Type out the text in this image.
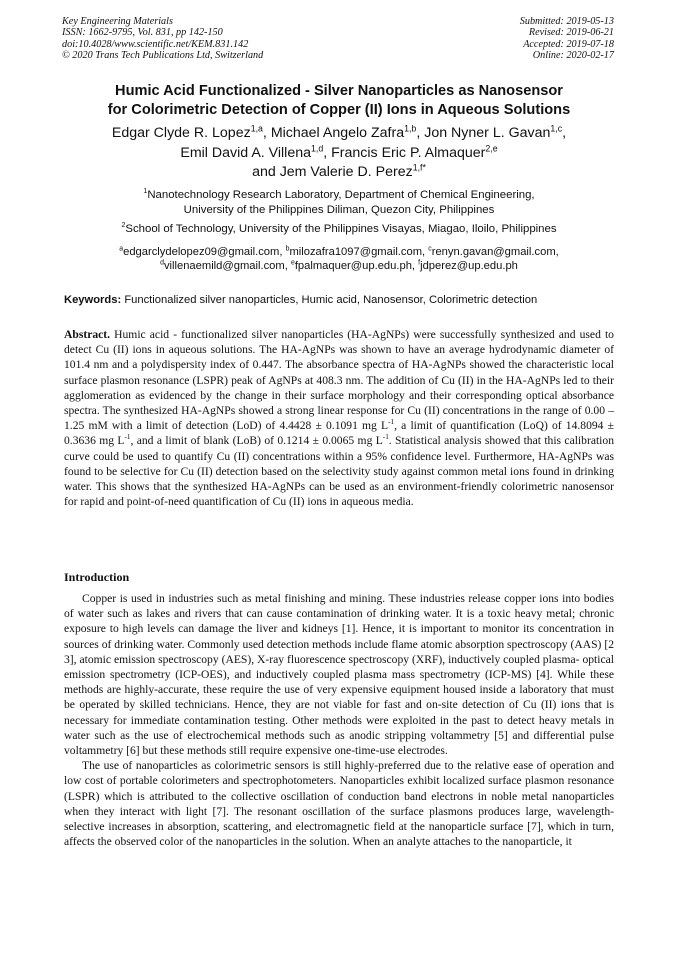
Key Engineering Materials
ISSN: 1662-9795, Vol. 831, pp 142-150
doi:10.4028/www.scientific.net/KEM.831.142
© 2020 Trans Tech Publications Ltd, Switzerland
Submitted: 2019-05-13
Revised: 2019-06-21
Accepted: 2019-07-18
Online: 2020-02-17
Humic Acid Functionalized - Silver Nanoparticles as Nanosensor
for Colorimetric Detection of Copper (II) Ions in Aqueous Solutions
Edgar Clyde R. Lopez$^{1,a}$, Michael Angelo Zafra$^{1,b}$, Jon Nyner L. Gavan$^{1,c}$,
Emil David A. Villena$^{1,d}$, Francis Eric P. Almaquer$^{2,e}$
and Jem Valerie D. Perez$^{1,f*}$
$^1$Nanotechnology Research Laboratory, Department of Chemical Engineering,
University of the Philippines Diliman, Quezon City, Philippines
$^2$School of Technology, University of the Philippines Visayas, Miagao, Iloilo, Philippines
$^a$edgarclydelopez09@gmail.com, $^b$milozafra1097@gmail.com, $^c$renyn.gavan@gmail.com,
$^d$villenaemild@gmail.com, $^e$fpalmaquer@up.edu.ph, $^f$jdperez@up.edu.ph
Keywords: Functionalized silver nanoparticles, Humic acid, Nanosensor, Colorimetric detection
Abstract. Humic acid - functionalized silver nanoparticles (HA-AgNPs) were successfully synthesized and used to detect Cu (II) ions in aqueous solutions. The HA-AgNPs was shown to have an average hydrodynamic diameter of 101.4 nm and a polydispersity index of 0.447. The absorbance spectra of HA-AgNPs showed the characteristic local surface plasmon resonance (LSPR) peak of AgNPs at 408.3 nm. The addition of Cu (II) in the HA-AgNPs led to their agglomeration as evidenced by the change in their surface morphology and their corresponding optical absorbance spectra. The synthesized HA-AgNPs showed a strong linear response for Cu (II) concentrations in the range of 0.00 – 1.25 mM with a limit of detection (LoD) of 4.4428 ± 0.1091 mg $L^{-1}$, a limit of quantification (LoQ) of 14.8094 ± 0.3636 mg $L^{-1}$, and a limit of blank (LoB) of 0.1214 ± 0.0065 mg $L^{-1}$. Statistical analysis showed that this calibration curve could be used to quantify Cu (II) concentrations within a 95% confidence level. Furthermore, HA-AgNPs was found to be selective for Cu (II) detection based on the selectivity study against common metal ions found in drinking water. This shows that the synthesized HA-AgNPs can be used as an environment-friendly colorimetric nanosensor for rapid and point-of-need quantification of Cu (II) ions in aqueous media.
Introduction

Copper is used in industries such as metal finishing and mining. These industries release copper ions into bodies of water such as lakes and rivers that can cause contamination of drinking water. It is a toxic heavy metal; chronic exposure to high levels can damage the liver and kidneys [1]. Hence, it is important to monitor its concentration in sources of drinking water. Commonly used detection methods include flame atomic absorption spectroscopy (AAS) [2 3], atomic emission spectroscopy (AES), X-ray fluorescence spectroscopy (XRF), inductively coupled plasma- optical emission spectrometry (ICP-OES), and inductively coupled plasma mass spectrometry (ICP-MS) [4]. While these methods are highly-accurate, these require the use of very expensive equipment housed inside a laboratory that must be operated by skilled technicians. Hence, they are not viable for fast and on-site detection of Cu (II) ions that is necessary for immediate contamination testing. Other methods were exploited in the past to detect heavy metals in water such as the use of electrochemical methods such as anodic stripping voltammetry [5] and differential pulse voltammetry [6] but these methods still require expensive one-time-use electrodes.

The use of nanoparticles as colorimetric sensors is still highly-preferred due to the relative ease of operation and low cost of portable colorimeters and spectrophotometers. Nanoparticles exhibit localized surface plasmon resonance (LSPR) which is attributed to the collective oscillation of conduction band electrons in noble metal nanoparticles when they interact with light [7]. The resonant oscillation of the surface plasmons produces large, wavelength-selective increases in absorption, scattering, and electromagnetic field at the nanoparticle surface [7], which in turn, affects the observed color of the nanoparticles in the solution. When an analyte attaches to the nanoparticle, it
